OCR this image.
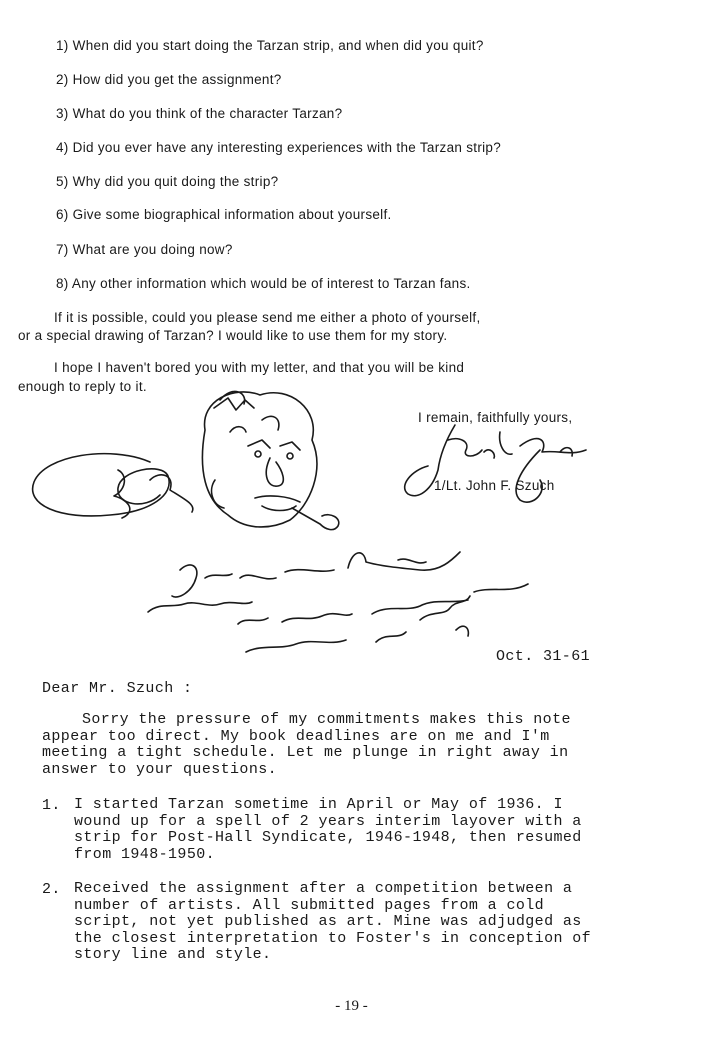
1) When did you start doing the Tarzan strip, and when did you quit?
2) How did you get the assignment?
3) What do you think of the character Tarzan?
4) Did you ever have any interesting experiences with the Tarzan strip?
5) Why did you quit doing the strip?
6) Give some biographical information about yourself.
7) What are you doing now?
8) Any other information which would be of interest to Tarzan fans.
If it is possible, could you please send me either a photo of yourself,
or a special drawing of Tarzan? I would like to use them for my story.
I hope I haven't bored you with my letter, and that you will be kind
enough to reply to it.
I remain, faithfully yours,
1/Lt. John F. Szuch
Oct. 31-61
Dear Mr. Szuch :
Sorry the pressure of my commitments makes this note
appear too direct. My book deadlines are on me and I'm
meeting a tight schedule. Let me plunge in right away in
answer to your questions.
1. I started Tarzan sometime in April or May of 1936. I
wound up for a spell of 2 years interim layover with a
strip for Post-Hall Syndicate, 1946-1948, then resumed
from 1948-1950.
2. Received the assignment after a competition between a
number of artists. All submitted pages from a cold
script, not yet published as art. Mine was adjudged as
the closest interpretation to Foster's in conception of
story line and style.
- 19 -
